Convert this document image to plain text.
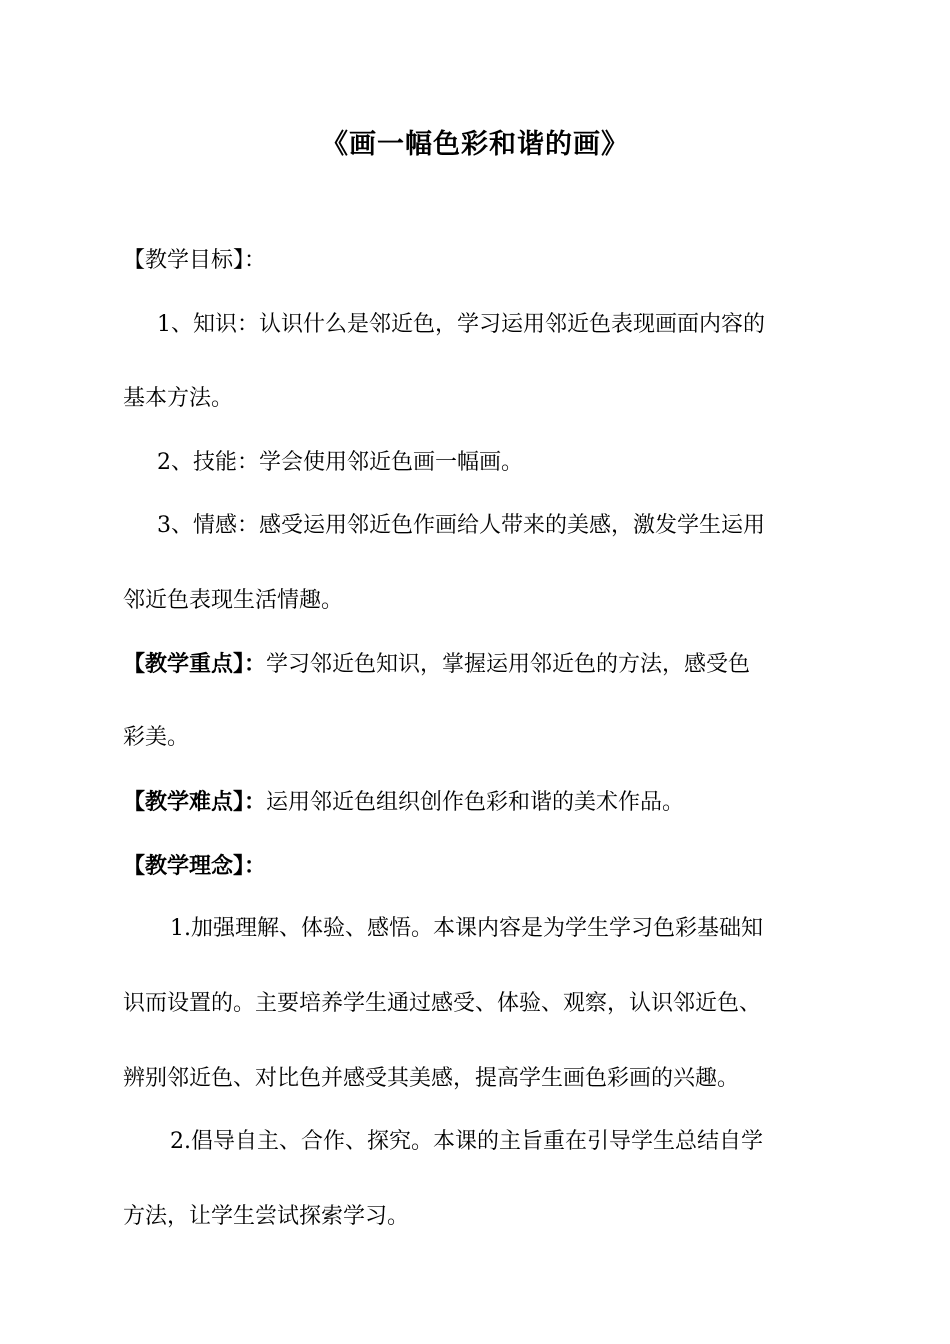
《画一幅色彩和谐的画》
【教学目标】：
1、知识：认识什么是邻近色，学习运用邻近色表现画面内容的
基本方法。
2、技能：学会使用邻近色画一幅画。
3、情感：感受运用邻近色作画给人带来的美感，激发学生运用
邻近色表现生活情趣。
【教学重点】：学习邻近色知识，掌握运用邻近色的方法，感受色
彩美。
【教学难点】：运用邻近色组织创作色彩和谐的美术作品。
【教学理念】：
1.加强理解、体验、感悟。本课内容是为学生学习色彩基础知
识而设置的。主要培养学生通过感受、体验、观察，认识邻近色、
辨别邻近色、对比色并感受其美感，提高学生画色彩画的兴趣。
2.倡导自主、合作、探究。本课的主旨重在引导学生总结自学
方法，让学生尝试探索学习。
